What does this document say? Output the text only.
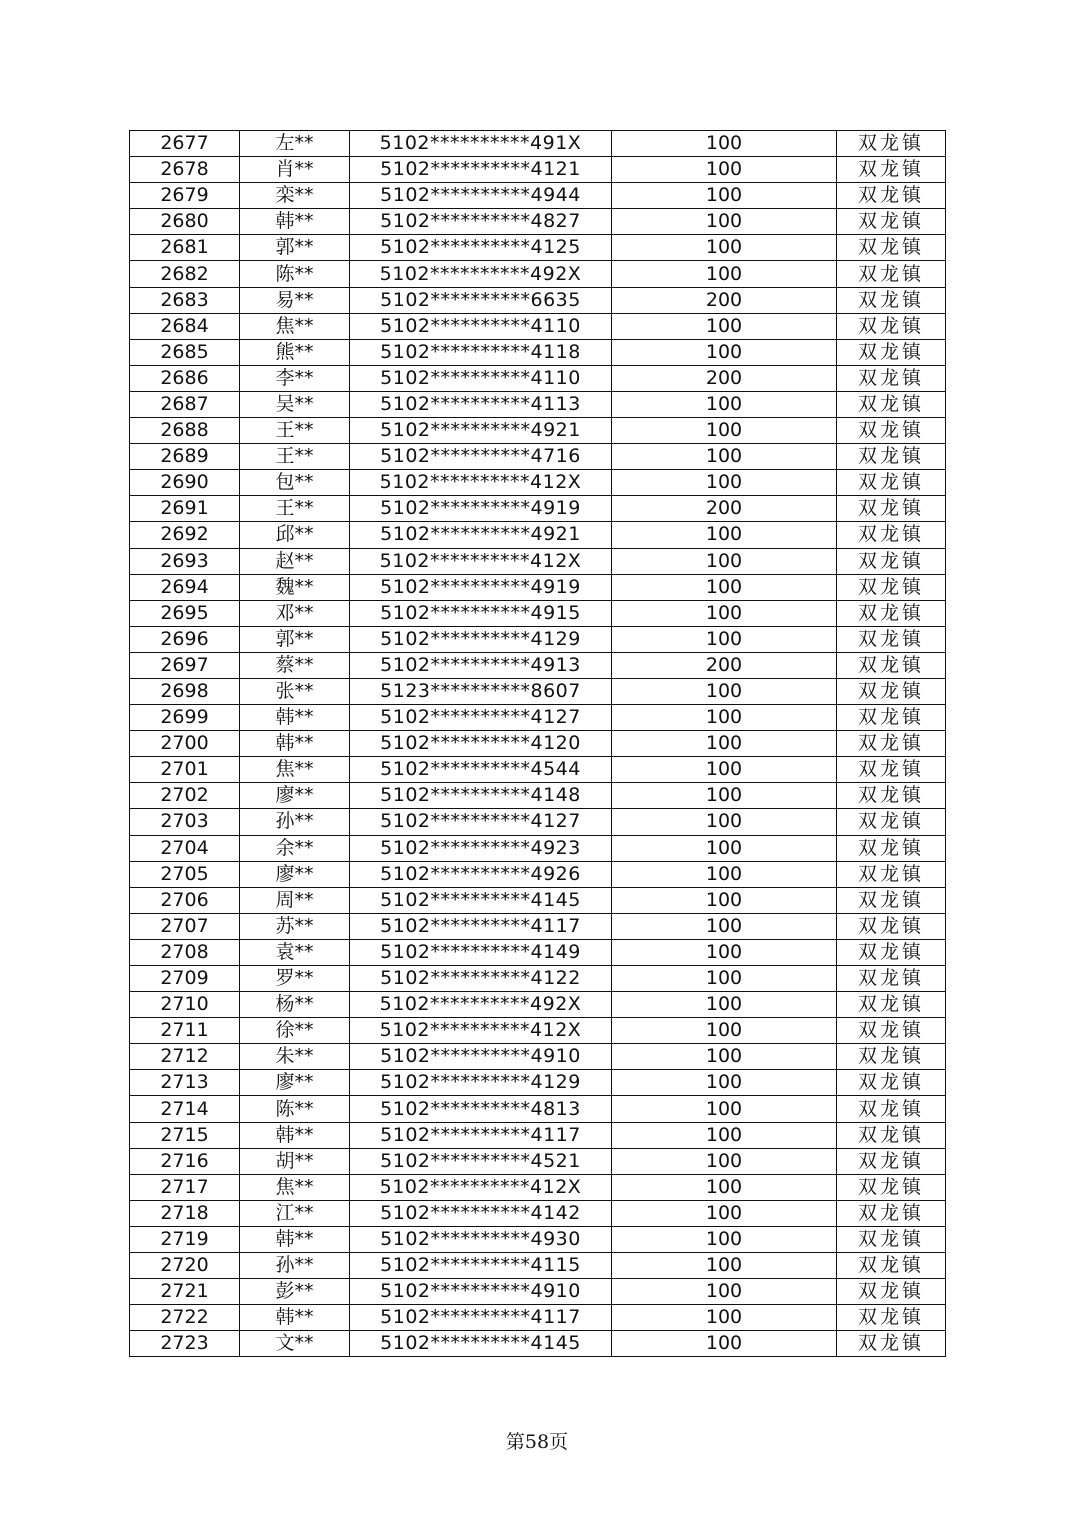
2677	左**	5102**********491X	100	双龙镇
2678	肖**	5102**********4121	100	双龙镇
2679	栾**	5102**********4944	100	双龙镇
2680	韩**	5102**********4827	100	双龙镇
2681	郭**	5102**********4125	100	双龙镇
2682	陈**	5102**********492X	100	双龙镇
2683	易**	5102**********6635	200	双龙镇
2684	焦**	5102**********4110	100	双龙镇
2685	熊**	5102**********4118	100	双龙镇
2686	李**	5102**********4110	200	双龙镇
2687	吴**	5102**********4113	100	双龙镇
2688	王**	5102**********4921	100	双龙镇
2689	王**	5102**********4716	100	双龙镇
2690	包**	5102**********412X	100	双龙镇
2691	王**	5102**********4919	200	双龙镇
2692	邱**	5102**********4921	100	双龙镇
2693	赵**	5102**********412X	100	双龙镇
2694	魏**	5102**********4919	100	双龙镇
2695	邓**	5102**********4915	100	双龙镇
2696	郭**	5102**********4129	100	双龙镇
2697	蔡**	5102**********4913	200	双龙镇
2698	张**	5123**********8607	100	双龙镇
2699	韩**	5102**********4127	100	双龙镇
2700	韩**	5102**********4120	100	双龙镇
2701	焦**	5102**********4544	100	双龙镇
2702	廖**	5102**********4148	100	双龙镇
2703	孙**	5102**********4127	100	双龙镇
2704	余**	5102**********4923	100	双龙镇
2705	廖**	5102**********4926	100	双龙镇
2706	周**	5102**********4145	100	双龙镇
2707	苏**	5102**********4117	100	双龙镇
2708	袁**	5102**********4149	100	双龙镇
2709	罗**	5102**********4122	100	双龙镇
2710	杨**	5102**********492X	100	双龙镇
2711	徐**	5102**********412X	100	双龙镇
2712	朱**	5102**********4910	100	双龙镇
2713	廖**	5102**********4129	100	双龙镇
2714	陈**	5102**********4813	100	双龙镇
2715	韩**	5102**********4117	100	双龙镇
2716	胡**	5102**********4521	100	双龙镇
2717	焦**	5102**********412X	100	双龙镇
2718	江**	5102**********4142	100	双龙镇
2719	韩**	5102**********4930	100	双龙镇
2720	孙**	5102**********4115	100	双龙镇
2721	彭**	5102**********4910	100	双龙镇
2722	韩**	5102**********4117	100	双龙镇
2723	文**	5102**********4145	100	双龙镇
第58页
